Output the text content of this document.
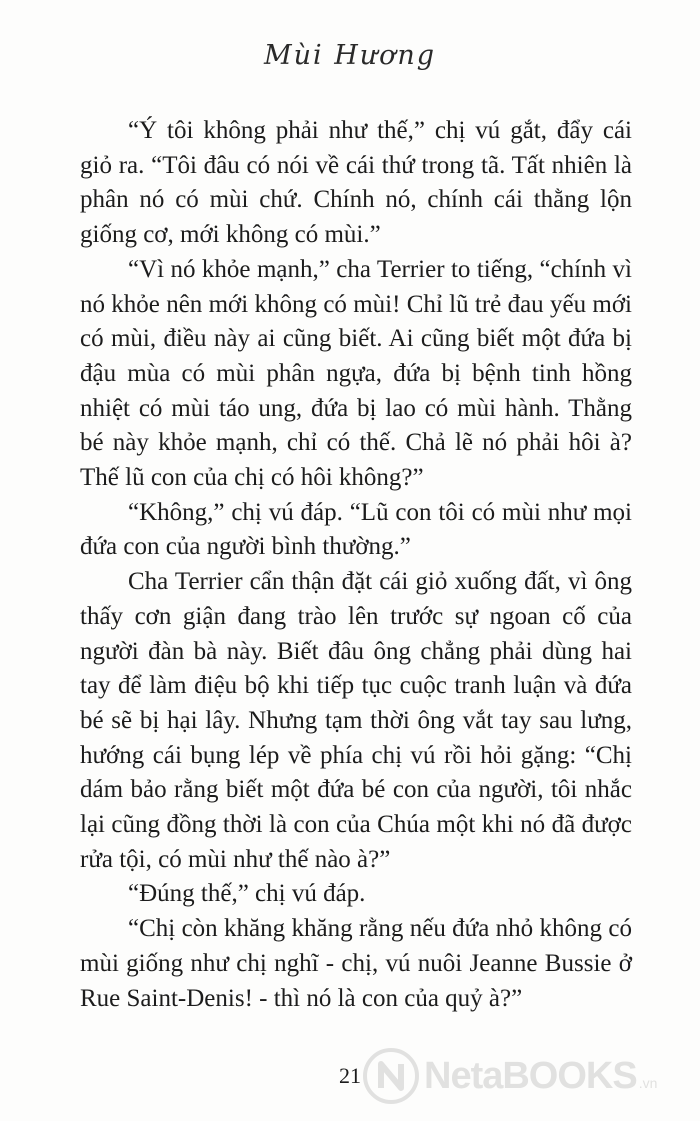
Mùi Hương

“Ý tôi không phải như thế,” chị vú gắt, đẩy cái giỏ ra. “Tôi đâu có nói về cái thứ trong tã. Tất nhiên là phân nó có mùi chứ. Chính nó, chính cái thằng lộn giống cơ, mới không có mùi.”

“Vì nó khỏe mạnh,” cha Terrier to tiếng, “chính vì nó khỏe nên mới không có mùi! Chỉ lũ trẻ đau yếu mới có mùi, điều này ai cũng biết. Ai cũng biết một đứa bị đậu mùa có mùi phân ngựa, đứa bị bệnh tinh hồng nhiệt có mùi táo ung, đứa bị lao có mùi hành. Thằng bé này khỏe mạnh, chỉ có thế. Chả lẽ nó phải hôi à? Thế lũ con của chị có hôi không?”

“Không,” chị vú đáp. “Lũ con tôi có mùi như mọi đứa con của người bình thường.”

Cha Terrier cẩn thận đặt cái giỏ xuống đất, vì ông thấy cơn giận đang trào lên trước sự ngoan cố của người đàn bà này. Biết đâu ông chẳng phải dùng hai tay để làm điệu bộ khi tiếp tục cuộc tranh luận và đứa bé sẽ bị hại lây. Nhưng tạm thời ông vắt tay sau lưng, hướng cái bụng lép về phía chị vú rồi hỏi gặng: “Chị dám bảo rằng biết một đứa bé con của người, tôi nhắc lại cũng đồng thời là con của Chúa một khi nó đã được rửa tội, có mùi như thế nào à?”

“Đúng thế,” chị vú đáp.

“Chị còn khăng khăng rằng nếu đứa nhỏ không có mùi giống như chị nghĩ - chị, vú nuôi Jeanne Bussie ở Rue Saint-Denis! - thì nó là con của quỷ à?”

21	NetaBOOKS .vn
